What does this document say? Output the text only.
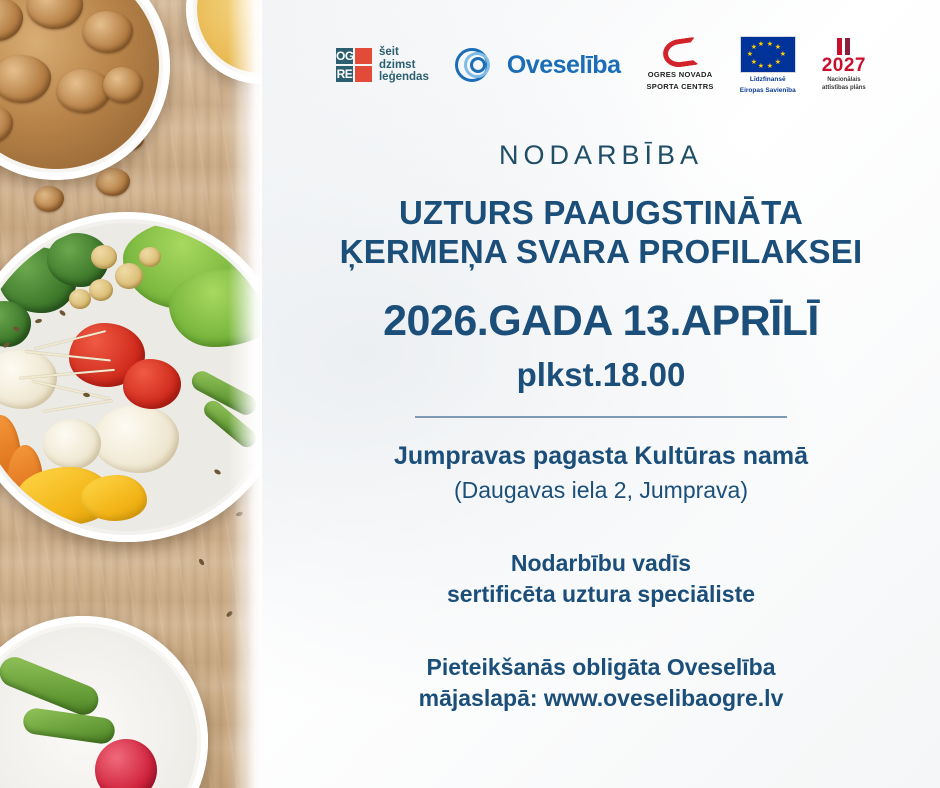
OG
RE
šeit
dzimst
leģendas	Oveselība	OGRES NOVADA
SPORTA CENTRS
★ ★
★
★
★
★
★
★
★ ★
Līdzfinansē
Eiropas Savienība
2027
Nacionālais
attīstības plāns
NODARBĪBA
UZTURS PAAUGSTINĀTA
ĶERMEŅA SVARA PROFILAKSEI
2026.GADA 13.APRĪLĪ
plkst.18.00
Jumpravas pagasta Kultūras namā
(Daugavas iela 2, Jumprava)
Nodarbību vadīs
sertificēta uztura speciāliste
Pieteikšanās obligāta Oveselība
mājaslapā: www.oveselibaogre.lv
